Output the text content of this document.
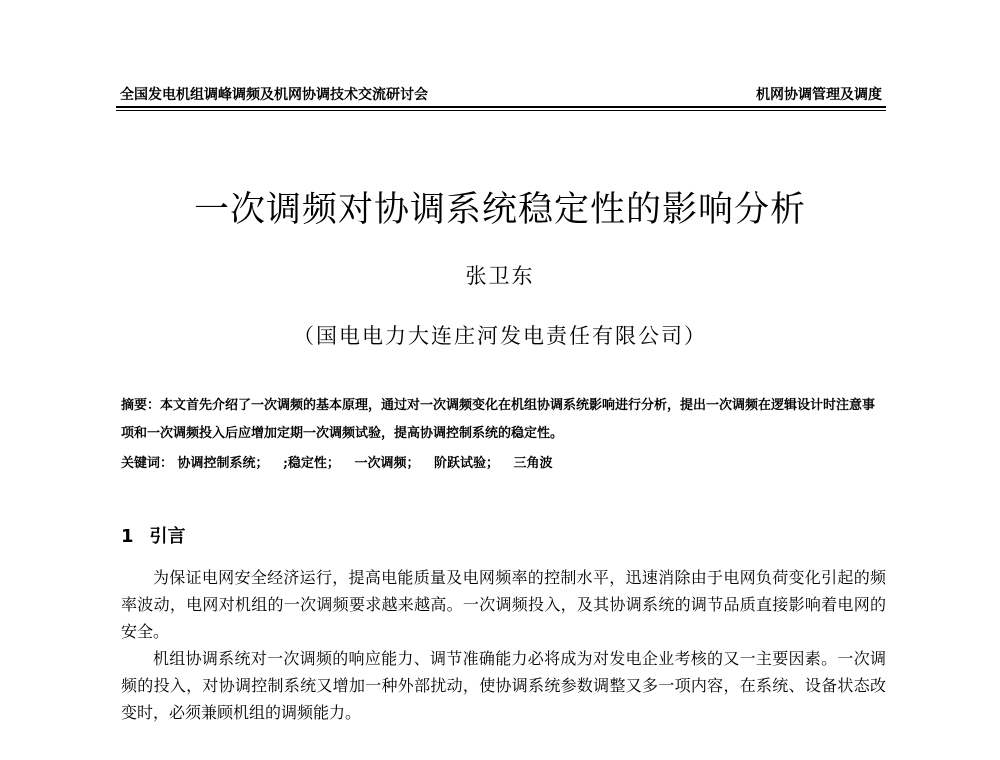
全国发电机组调峰调频及机网协调技术交流研讨会	机网协调管理及调度
一次调频对协调系统稳定性的影响分析
张卫东
（国电电力大连庄河发电责任有限公司）
摘要：本文首先介绍了一次调频的基本原理，通过对一次调频变化在机组协调系统影响进行分析，提出一次调频在逻辑设计时注意事项和一次调频投入后应增加定期一次调频试验，提高协调控制系统的稳定性。
关键词： 协调控制系统； ;稳定性； 一次调频； 阶跃试验； 三角波
1 引言

为保证电网安全经济运行，提高电能质量及电网频率的控制水平，迅速消除由于电网负荷变化引起的频率波动，电网对机组的一次调频要求越来越高。一次调频投入，及其协调系统的调节品质直接影响着电网的安全。

机组协调系统对一次调频的响应能力、调节准确能力必将成为对发电企业考核的又一主要因素。一次调频的投入，对协调控制系统又增加一种外部扰动，使协调系统参数调整又多一项内容，在系统、设备状态改变时，必须兼顾机组的调频能力。
